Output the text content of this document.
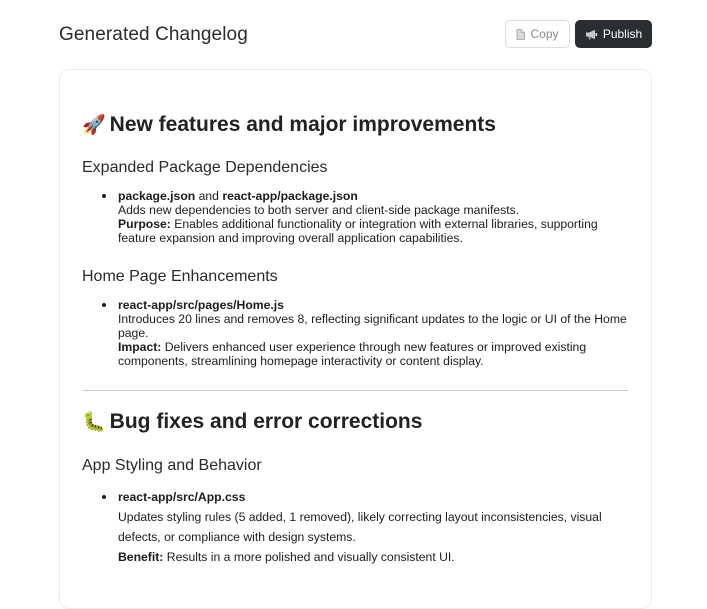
Generated Changelog	Copy	Publish
🚀 New features and major improvements
Expanded Package Dependencies
package.json and react-app/package.json
Adds new dependencies to both server and client-side package manifests.
Purpose: Enables additional functionality or integration with external libraries, supporting feature expansion and improving overall application capabilities.
Home Page Enhancements
react-app/src/pages/Home.js
Introduces 20 lines and removes 8, reflecting significant updates to the logic or UI of the Home page.
Impact: Delivers enhanced user experience through new features or improved existing components, streamlining homepage interactivity or content display.
🐛 Bug fixes and error corrections
App Styling and Behavior
react-app/src/App.css
Updates styling rules (5 added, 1 removed), likely correcting layout inconsistencies, visual defects, or compliance with design systems.
Benefit: Results in a more polished and visually consistent UI.
